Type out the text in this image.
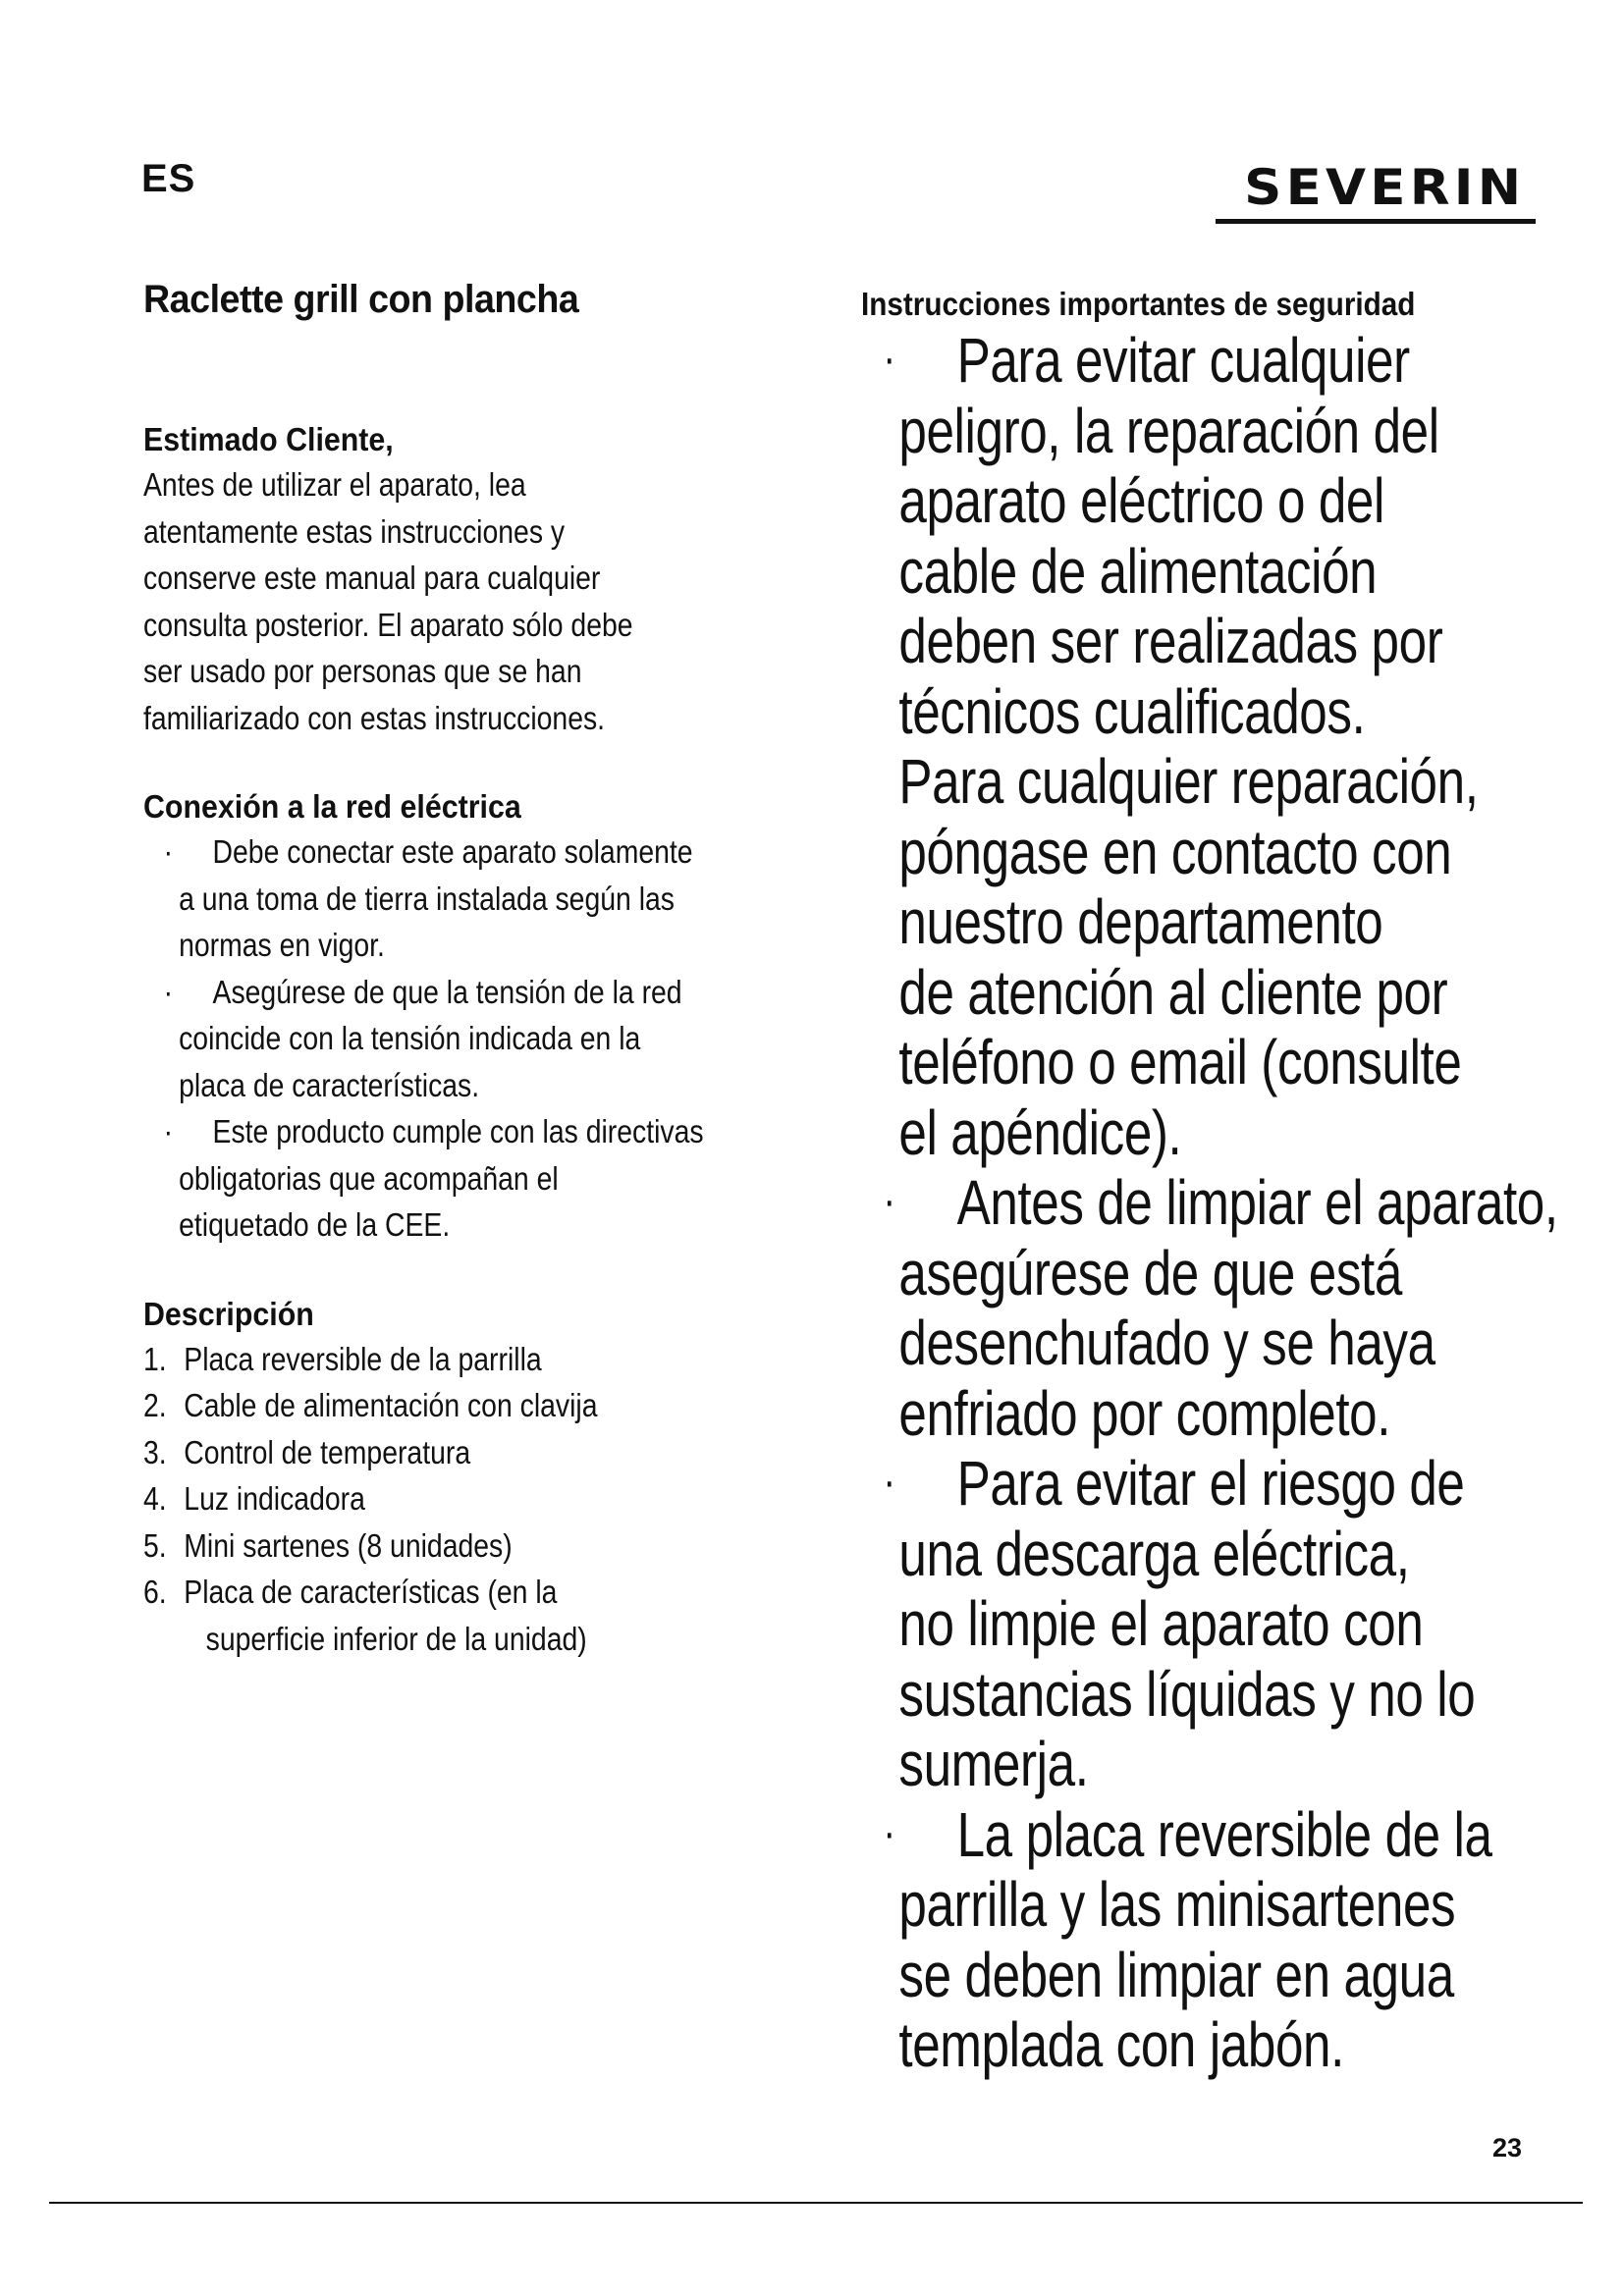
ES	SEVERIN
Raclette grill con plancha
Estimado Cliente,
Antes de utilizar el aparato, lea
atentamente estas instrucciones y
conserve este manual para cualquier
consulta posterior. El aparato sólo debe
ser usado por personas que se han
familiarizado con estas instrucciones.
Conexión a la red eléctrica
· Debe conectar este aparato solamente
a una toma de tierra instalada según las
normas en vigor.
· Asegúrese de que la tensión de la red
coincide con la tensión indicada en la
placa de características.
· Este producto cumple con las directivas
obligatorias que acompañan el
etiquetado de la CEE.
Descripción
1. Placa reversible de la parrilla
2. Cable de alimentación con clavija
3. Control de temperatura
4. Luz indicadora
5. Mini sartenes (8 unidades)
6. Placa de características (en la
superficie inferior de la unidad)
Instrucciones importantes de seguridad
· Para evitar cualquier
peligro, la reparación del
aparato eléctrico o del
cable de alimentación
deben ser realizadas por
técnicos cualificados.
Para cualquier reparación,
póngase en contacto con
nuestro departamento
de atención al cliente por
teléfono o email (consulte
el apéndice).
· Antes de limpiar el aparato,
asegúrese de que está
desenchufado y se haya
enfriado por completo.
· Para evitar el riesgo de
una descarga eléctrica,
no limpie el aparato con
sustancias líquidas y no lo
sumerja.
· La placa reversible de la
parrilla y las minisartenes
se deben limpiar en agua
templada con jabón.
23
